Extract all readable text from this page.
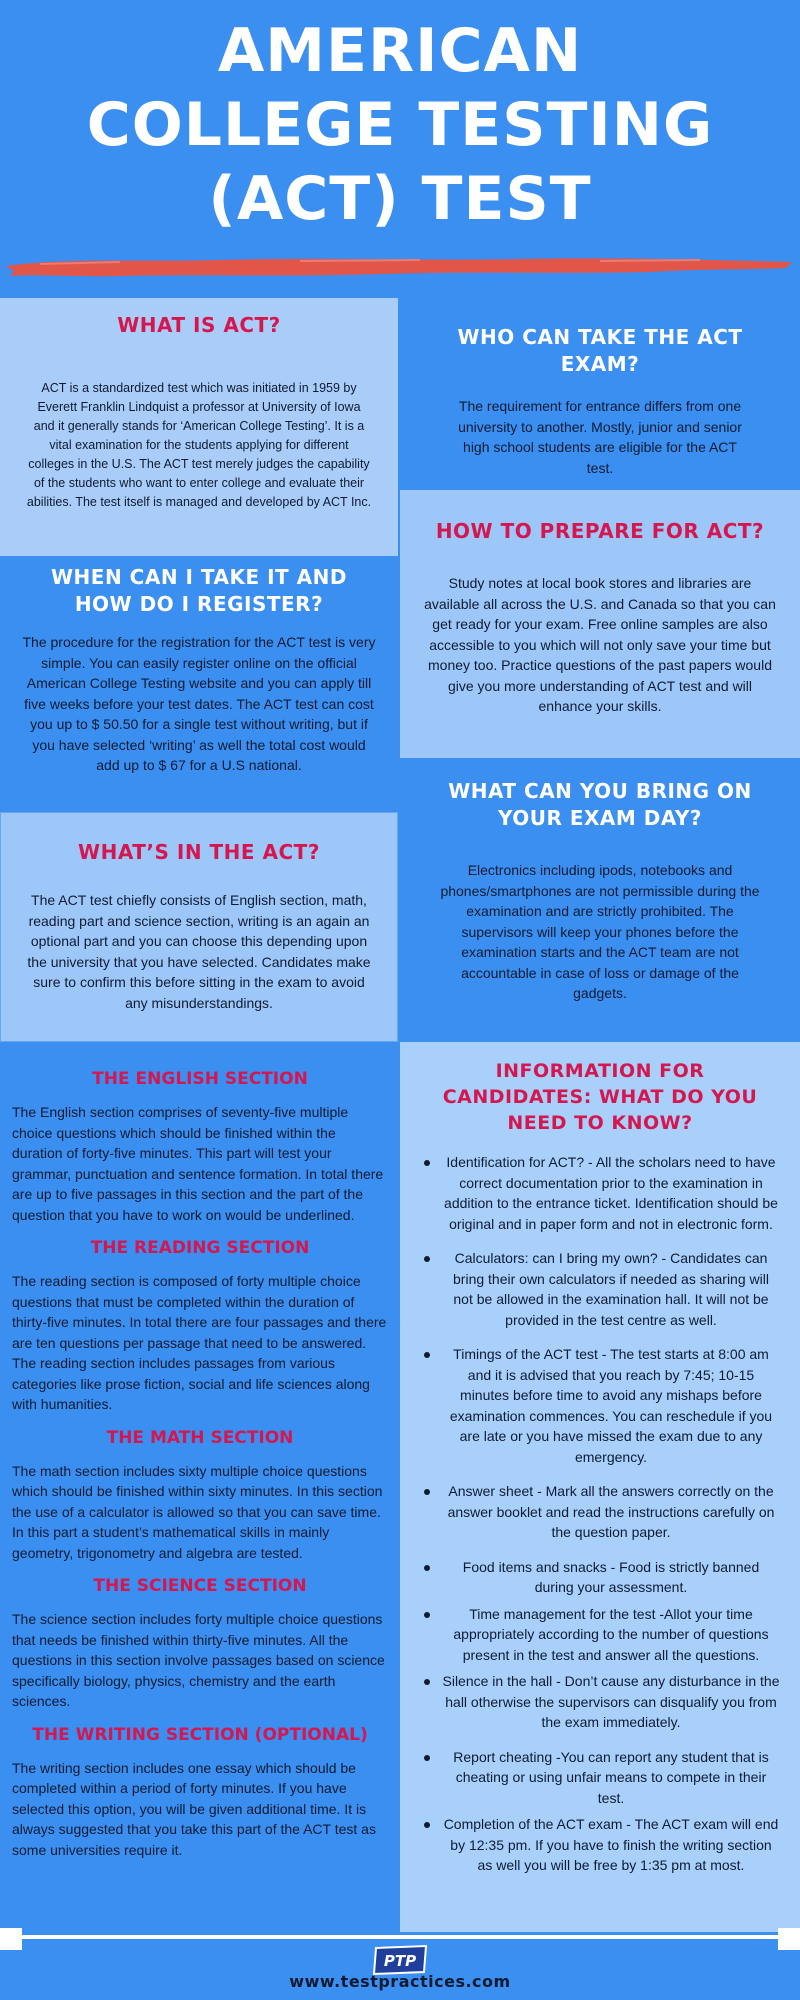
AMERICAN
COLLEGE TESTING
(ACT) TEST
WHAT IS ACT?

ACT is a standardized test which was initiated in 1959 by Everett Franklin Lindquist a professor at University of Iowa and it generally stands for ‘American College Testing’. It is a vital examination for the students applying for different colleges in the U.S. The ACT test merely judges the capability of the students who want to enter college and evaluate their abilities. The test itself is managed and developed by ACT Inc.

WHO CAN TAKE THE ACT EXAM?

The requirement for entrance differs from one university to another. Mostly, junior and senior high school students are eligible for the ACT test.

HOW TO PREPARE FOR ACT?

Study notes at local book stores and libraries are available all across the U.S. and Canada so that you can get ready for your exam. Free online samples are also accessible to you which will not only save your time but money too. Practice questions of the past papers would give you more understanding of ACT test and will enhance your skills.

WHEN CAN I TAKE IT AND HOW DO I REGISTER?

The procedure for the registration for the ACT test is very simple. You can easily register online on the official American College Testing website and you can apply till five weeks before your test dates. The ACT test can cost you up to $ 50.50 for a single test without writing, but if you have selected ‘writing’ as well the total cost would add up to $ 67 for a U.S national.

WHAT CAN YOU BRING ON YOUR EXAM DAY?

Electronics including ipods, notebooks and phones/smartphones are not permissible during the examination and are strictly prohibited. The supervisors will keep your phones before the examination starts and the ACT team are not accountable in case of loss or damage of the gadgets.

WHAT’S IN THE ACT?

The ACT test chiefly consists of English section, math, reading part and science section, writing is an again an optional part and you can choose this depending upon the university that you have selected. Candidates make sure to confirm this before sitting in the exam to avoid any misunderstandings.

THE ENGLISH SECTION

The English section comprises of seventy-five multiple choice questions which should be finished within the duration of forty-five minutes. This part will test your grammar, punctuation and sentence formation. In total there are up to five passages in this section and the part of the question that you have to work on would be underlined.

THE READING SECTION

The reading section is composed of forty multiple choice questions that must be completed within the duration of thirty-five minutes. In total there are four passages and there are ten questions per passage that need to be answered. The reading section includes passages from various categories like prose fiction, social and life sciences along with humanities.

THE MATH SECTION

The math section includes sixty multiple choice questions which should be finished within sixty minutes. In this section the use of a calculator is allowed so that you can save time. In this part a student’s mathematical skills in mainly geometry, trigonometry and algebra are tested.

THE SCIENCE SECTION

The science section includes forty multiple choice questions that needs be finished within thirty-five minutes. All the questions in this section involve passages based on science specifically biology, physics, chemistry and the earth sciences.

THE WRITING SECTION (OPTIONAL)

The writing section includes one essay which should be completed within a period of forty minutes. If you have selected this option, you will be given additional time. It is always suggested that you take this part of the ACT test as some universities require it.

INFORMATION FOR CANDIDATES: WHAT DO YOU NEED TO KNOW?
Identification for ACT? - All the scholars need to have correct documentation prior to the examination in addition to the entrance ticket. Identification should be original and in paper form and not in electronic form.
Calculators: can I bring my own? - Candidates can bring their own calculators if needed as sharing will not be allowed in the examination hall. It will not be provided in the test centre as well.
Timings of the ACT test - The test starts at 8:00 am and it is advised that you reach by 7:45; 10-15 minutes before time to avoid any mishaps before examination commences. You can reschedule if you are late or you have missed the exam due to any emergency.
Answer sheet - Mark all the answers correctly on the answer booklet and read the instructions carefully on the question paper.
Food items and snacks - Food is strictly banned during your assessment.
Time management for the test -Allot your time appropriately according to the number of questions present in the test and answer all the questions.
Silence in the hall - Don’t cause any disturbance in the hall otherwise the supervisors can disqualify you from the exam immediately.
Report cheating -You can report any student that is cheating or using unfair means to compete in their test.
Completion of the ACT exam - The ACT exam will end by 12:35 pm. If you have to finish the writing section as well you will be free by 1:35 pm at most.
PTP
www.testpractices.com
